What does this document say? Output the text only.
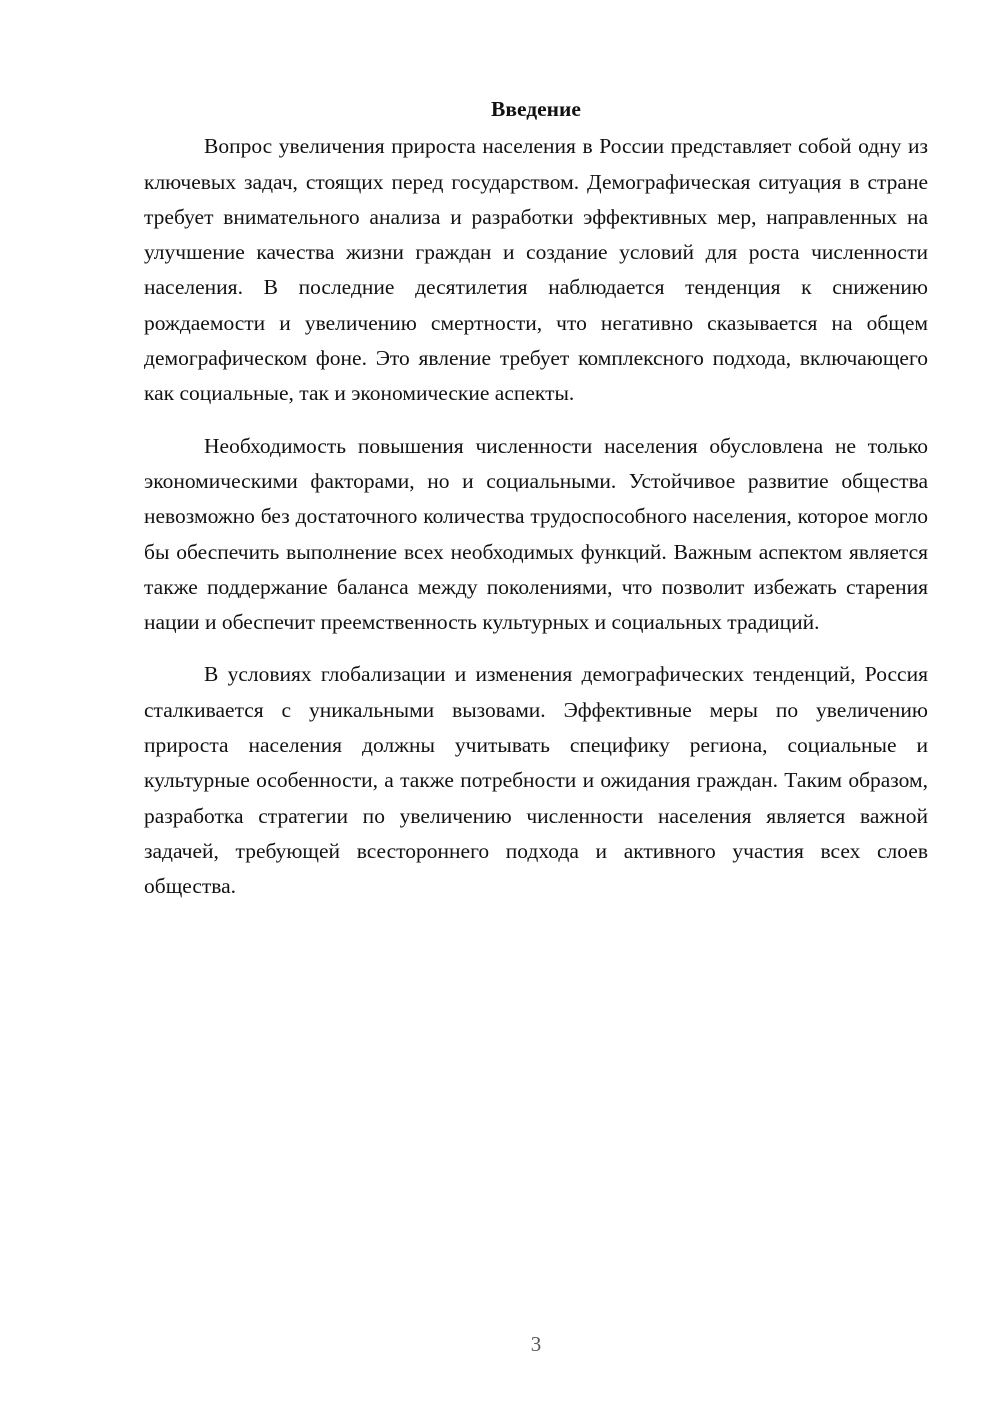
Введение

Вопрос увеличения прироста населения в России представляет собой одну из ключевых задач, стоящих перед государством. Демографическая ситуация в стране требует внимательного анализа и разработки эффективных мер, направленных на улучшение качества жизни граждан и создание условий для роста численности населения. В последние десятилетия наблюдается тенденция к снижению рождаемости и увеличению смертности, что негативно сказывается на общем демографическом фоне. Это явление требует комплексного подхода, включающего как социальные, так и экономические аспекты.

Необходимость повышения численности населения обусловлена не только экономическими факторами, но и социальными. Устойчивое развитие общества невозможно без достаточного количества трудоспособного населения, которое могло бы обеспечить выполнение всех необходимых функций. Важным аспектом является также поддержание баланса между поколениями, что позволит избежать старения нации и обеспечит преемственность культурных и социальных традиций.

В условиях глобализации и изменения демографических тенденций, Россия сталкивается с уникальными вызовами. Эффективные меры по увеличению прироста населения должны учитывать специфику региона, социальные и культурные особенности, а также потребности и ожидания граждан. Таким образом, разработка стратегии по увеличению численности населения является важной задачей, требующей всестороннего подхода и активного участия всех слоев общества.

3
